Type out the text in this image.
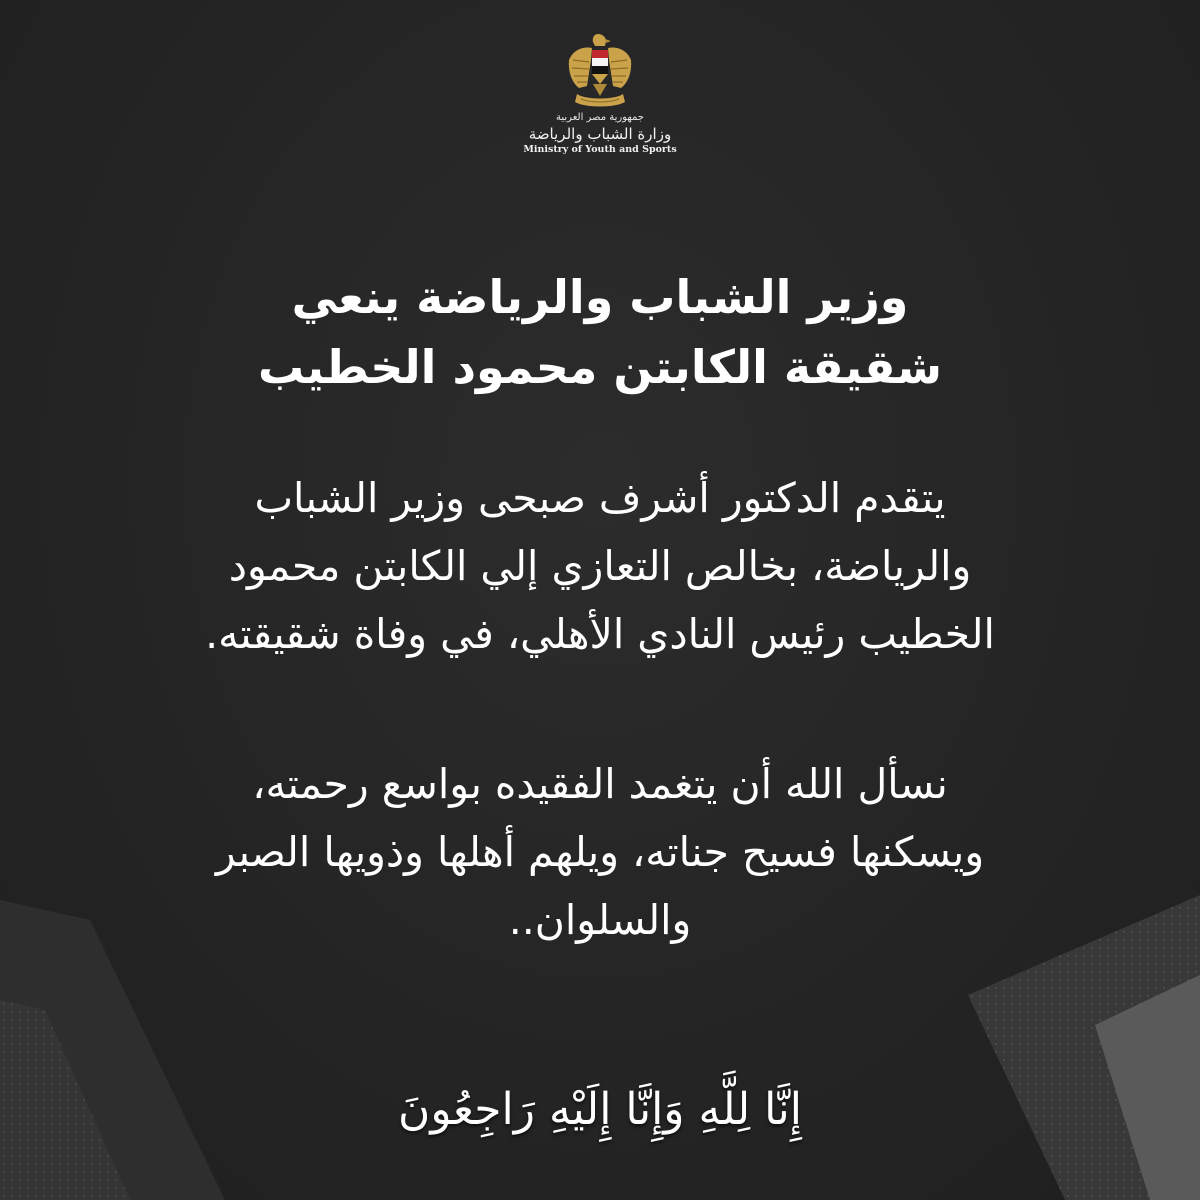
جمهورية مصر العربية
وزارة الشباب والرياضة
Ministry of Youth and Sports
وزير الشباب والرياضة ينعي
شقيقة الكابتن محمود الخطيب
يتقدم الدكتور أشرف صبحى وزير الشباب
والرياضة، بخالص التعازي إلي الكابتن محمود
الخطيب رئيس النادي الأهلي، في وفاة شقيقته.
نسأل الله أن يتغمد الفقيده بواسع رحمته،
ويسكنها فسيح جناته، ويلهم أهلها وذويها الصبر
والسلوان..
إِنَّا لِلَّهِ وَإِنَّا إِلَيْهِ رَاجِعُونَ
